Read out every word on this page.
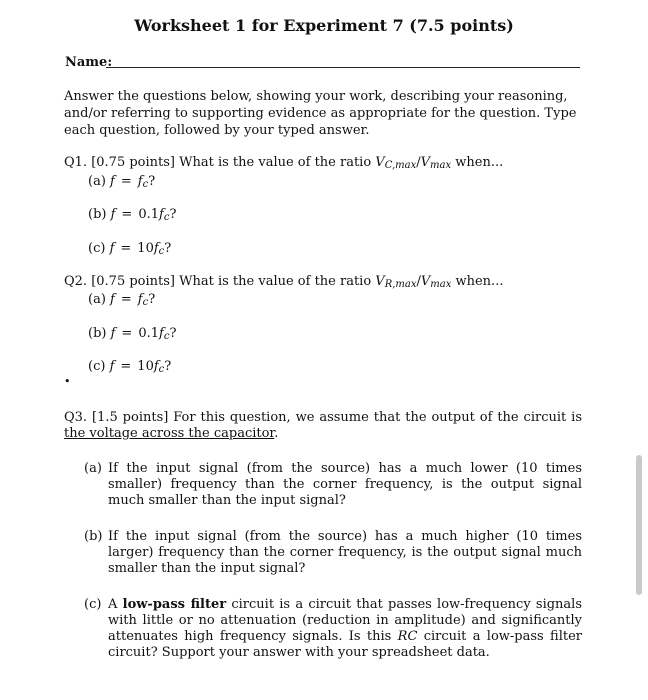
Worksheet 1 for Experiment 7 (7.5 points)
Name:
Answer the questions below, showing your work, describing your reasoning, and/or referring to supporting evidence as appropriate for the question. Type each question, followed by your typed answer.
Q1. [0.75 points] What is the value of the ratio VC,max/Vmax when...
(a) f = fc?
(b) f = 0.1fc?
(c) f = 10fc?
Q2. [0.75 points] What is the value of the ratio VR,max/Vmax when...
(a) f = fc?
(b) f = 0.1fc?
(c) f = 10fc?
•
Q3. [1.5 points] For this question, we assume that the output of the circuit is the voltage across the capacitor.
(a) If the input signal (from the source) has a much lower (10 times smaller) frequency than the corner frequency, is the output signal much smaller than the input signal?
(b) If the input signal (from the source) has a much higher (10 times larger) frequency than the corner frequency, is the output signal much smaller than the input signal?
(c) A low-pass filter circuit is a circuit that passes low-frequency signals with little or no attenuation (reduction in amplitude) and significantly attenuates high frequency signals. Is this RC circuit a low-pass filter circuit? Support your answer with your spreadsheet data.
